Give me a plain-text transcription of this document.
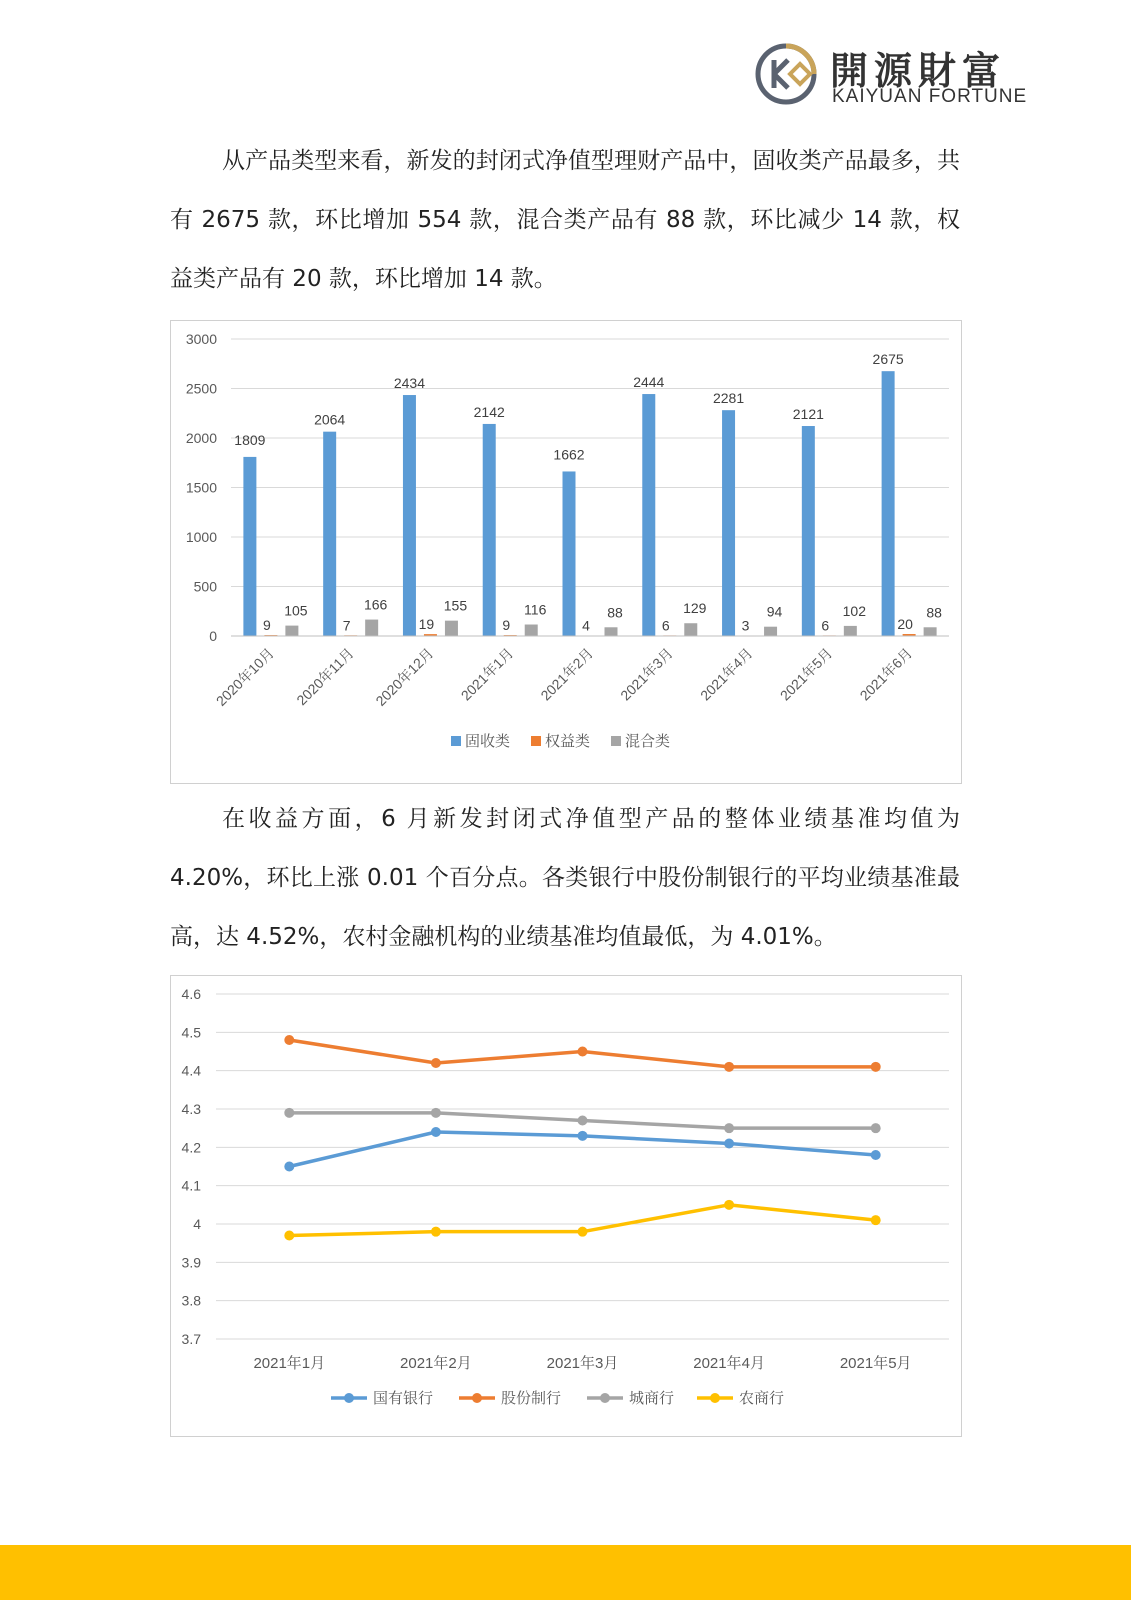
開源財富
KAIYUAN FORTUNE

从产品类型来看，新发的封闭式净值型理财产品中，固收类产品最多，共有 2675 款，环比增加 554 款，混合类产品有 88 款，环比减少 14 款，权益类产品有 20 款，环比增加 14 款。

0
500
1000
1500
2000
2500
3000
1809
9
105
2020年10月
2064
7
166
2020年11月
2434
19
155
2020年12月
2142
9
116
2021年1月
1662
4
88
2021年2月
2444
6
129
2021年3月
2281
3
94
2021年4月
2121
6
102
2021年5月
2675
20
88
2021年6月
固收类 权益类 混合类

在收益方面，6 月新发封闭式净值型产品的整体业绩基准均值为 4.20%，环比上涨 0.01 个百分点。各类银行中股份制银行的平均业绩基准最高，达 4.52%，农村金融机构的业绩基准均值最低，为 4.01%。

3.7
3.8
3.9
4
4.1
4.2
4.3
4.4
4.5
4.6
2021年1月	2021年2月	2021年3月	2021年4月	2021年5月
国有银行	股份制行	城商行	农商行
